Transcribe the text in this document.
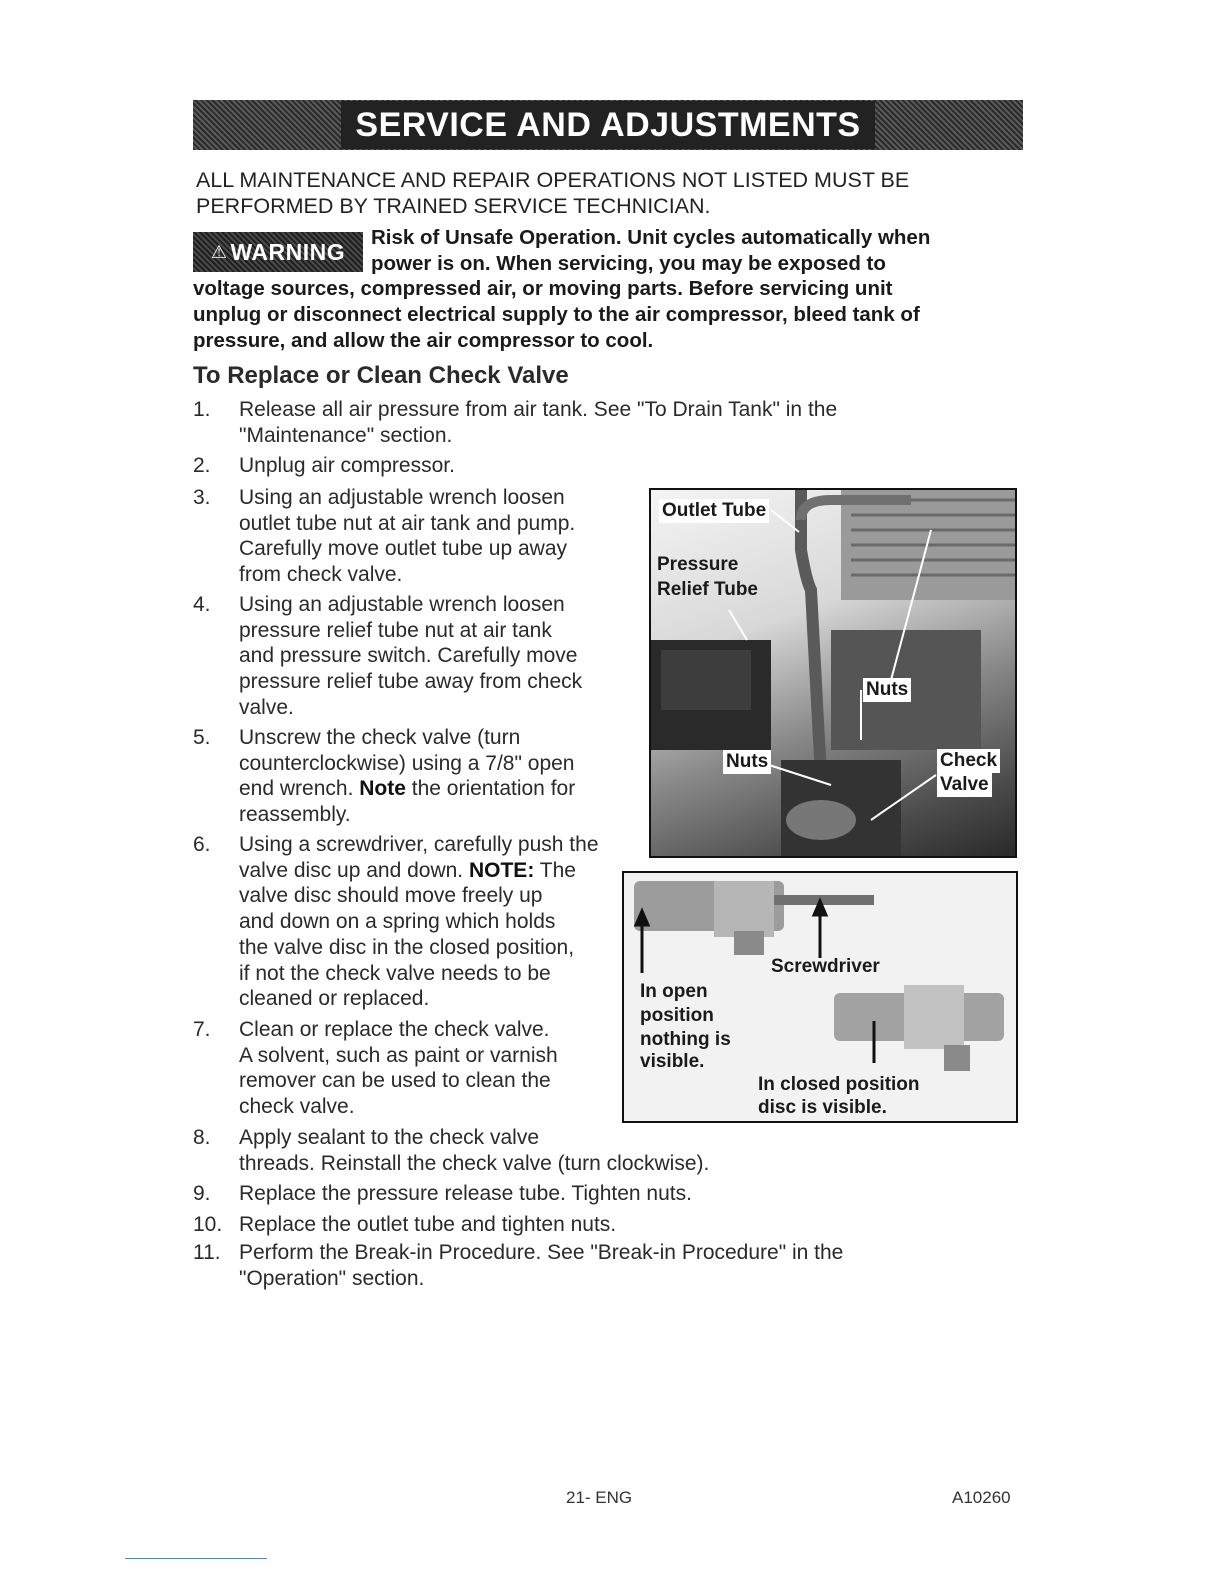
SERVICE AND ADJUSTMENTS
ALL MAINTENANCE AND REPAIR OPERATIONS NOT LISTED MUST BE
PERFORMED BY TRAINED SERVICE TECHNICIAN.
⚠ WARNING
Risk of Unsafe Operation. Unit cycles automatically when
power is on. When servicing, you may be exposed to
voltage sources, compressed air, or moving parts. Before servicing unit
unplug or disconnect electrical supply to the air compressor, bleed tank of
pressure, and allow the air compressor to cool.
To Replace or Clean Check Valve
1. Release all air pressure from air tank. See "To Drain Tank" in the
"Maintenance" section.
2. Unplug air compressor.
3. Using an adjustable wrench loosen
outlet tube nut at air tank and pump.
Carefully move outlet tube up away
from check valve.
4. Using an adjustable wrench loosen
pressure relief tube nut at air tank
and pressure switch. Carefully move
pressure relief tube away from check
valve.
5. Unscrew the check valve (turn
counterclockwise) using a 7/8" open
end wrench. Note the orientation for
reassembly.
6. Using a screwdriver, carefully push the
valve disc up and down. NOTE: The
valve disc should move freely up
and down on a spring which holds
the valve disc in the closed position,
if not the check valve needs to be
cleaned or replaced.
7. Clean or replace the check valve.
A solvent, such as paint or varnish
remover can be used to clean the
check valve.
8. Apply sealant to the check valve
threads. Reinstall the check valve (turn clockwise).
9. Replace the pressure release tube. Tighten nuts.
10. Replace the outlet tube and tighten nuts.
11. Perform the Break-in Procedure. See "Break-in Procedure" in the
"Operation" section.
Outlet Tube
Pressure
Relief Tube
Nuts
Nuts	Check
Valve
Screwdriver
In open
position
nothing is
visible.
In closed position
disc is visible.
21- ENG	A10260
